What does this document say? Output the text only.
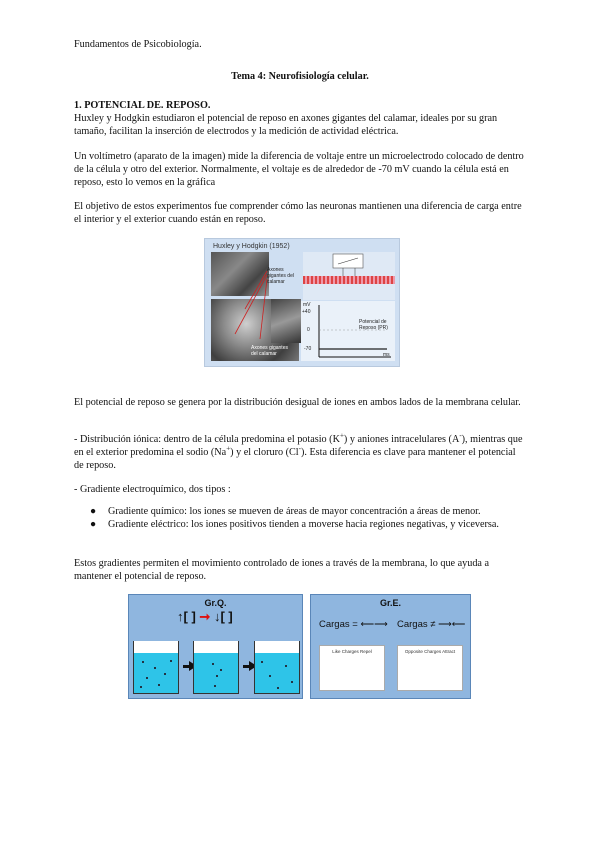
Fundamentos de Psicobiología.

Tema 4: Neurofisiología celular.

1. POTENCIAL DE. REPOSO.

Huxley y Hodgkin estudiaron el potencial de reposo en axones gigantes del calamar, ideales por su gran tamaño, facilitan la inserción de electrodos y la medición de actividad eléctrica.

Un voltímetro (aparato de la imagen) mide la diferencia de voltaje entre un microelectrodo colocado de dentro de la célula y otro del exterior. Normalmente, el voltaje es de alrededor de -70 mV cuando la célula está en reposo, esto lo vemos en la gráfica

El objetivo de estos experimentos fue comprender cómo las neuronas mantienen una diferencia de carga entre el interior y el exterior cuando están en reposo.

Huxley y Hodgkin (1952)
Axones gigantes del calamar
Axones gigantes del calamar
mV
+40
0
-70
ms
Potencial de Reposo (PR)

El potencial de reposo se genera por la distribución desigual de iones en ambos lados de la membrana celular.

- Distribución iónica: dentro de la célula predomina el potasio (K+) y aniones intracelulares (A-), mientras que en el exterior predomina el sodio (Na+) y el cloruro (Cl-). Esta diferencia es clave para mantener el potencial de reposo.

- Gradiente electroquímico, dos tipos :

● Gradiente químico: los iones se mueven de áreas de mayor concentración a áreas de menor.
● Gradiente eléctrico: los iones positivos tienden a moverse hacia regiones negativas, y viceversa.

Estos gradientes permiten el movimiento controlado de iones a través de la membrana, lo que ayuda a mantener el potencial de reposo.

Gr.Q.
↑[ ] ➞ ↓[ ]
Gr.E.
Cargas = ⟵⟶ Cargas ≠ ⟶⟵
Like Charges Repel	Opposite Charges Attract
